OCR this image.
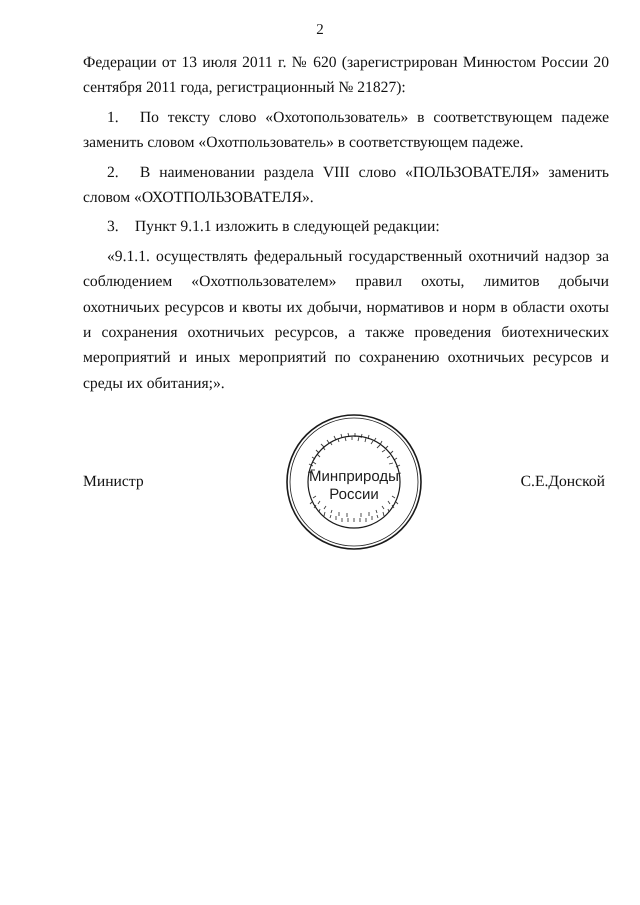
2

Федерации от 13 июля 2011 г. № 620 (зарегистрирован Минюстом России 20 сентября 2011 года, регистрационный № 21827):

1. По тексту слово «Охотопользователь» в соответствующем падеже заменить словом «Охотпользователь» в соответствующем падеже.

2. В наименовании раздела VIII слово «ПОЛЬЗОВАТЕЛЯ» заменить словом «ОХОТПОЛЬЗОВАТЕЛЯ».

3. Пункт 9.1.1 изложить в следующей редакции:

«9.1.1. осуществлять федеральный государственный охотничий надзор за соблюдением «Охотпользователем» правил охоты, лимитов добычи охотничьих ресурсов и квоты их добычи, нормативов и норм в области охоты и сохранения охотничьих ресурсов, а также проведения биотехнических мероприятий и иных мероприятий по сохранению охотничьих ресурсов и среды их обитания;».

Министр	С.Е.Донской
Минприроды
России
